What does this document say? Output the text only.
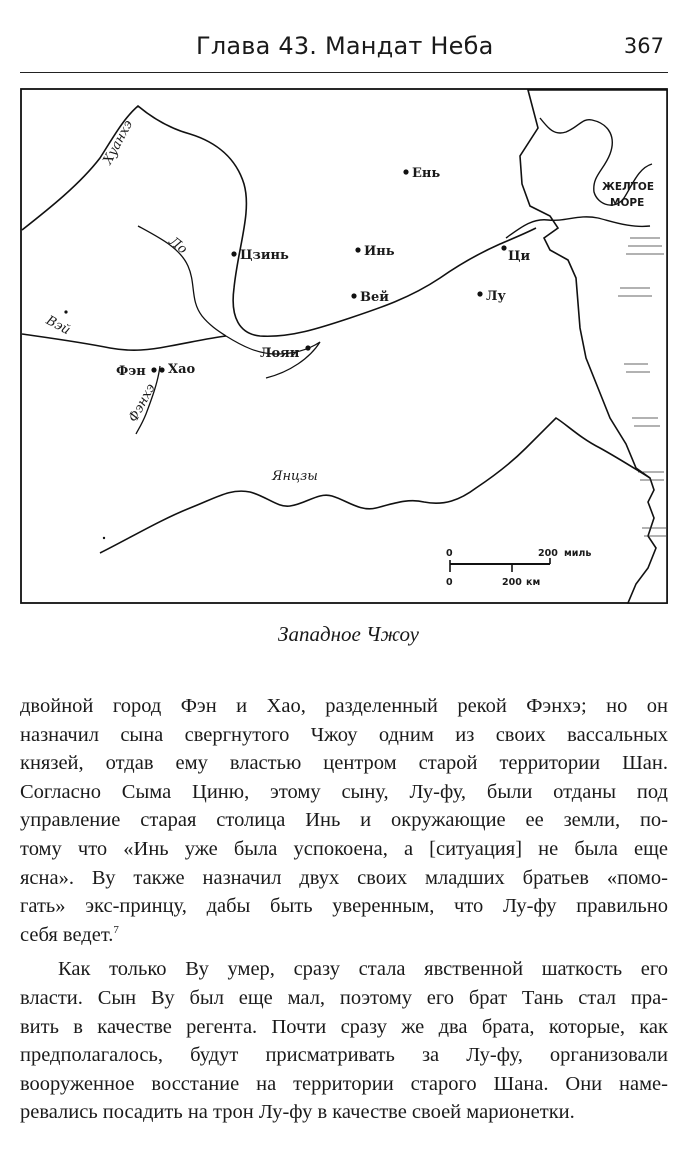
Глава 43. Мандат Неба	367
Хуанхэ
Ло
Вэй
Фэнхэ
Янцзы
ЖЕЛТОЕ
МОРЕ
Ень
Цзинь	Инь
Вей
Ци
Лу
Лояи
Фэн Хао
0	200 миль
0	200 км
Западное Чжоу
двойной город Фэн и Хао, разделенный рекой Фэнхэ; но он
назначил сына свергнутого Чжоу одним из своих вассальных
князей, отдав ему властью центром старой территории Шан.
Согласно Сыма Циню, этому сыну, Лу-фу, были отданы под
управление старая столица Инь и окружающие ее земли, по-
тому что «Инь уже была успокоена, а [ситуация] не была еще
ясна». Ву также назначил двух своих младших братьев «помо-
гать» экс-принцу, дабы быть уверенным, что Лу-фу правильно
себя ведет.$^7$
Как только Ву умер, сразу стала явственной шаткость его
власти. Сын Ву был еще мал, поэтому его брат Тань стал пра-
вить в качестве регента. Почти сразу же два брата, которые, как
предполагалось, будут присматривать за Лу-фу, организовали
вооруженное восстание на территории старого Шана. Они наме-
ревались посадить на трон Лу-фу в качестве своей марионетки.
